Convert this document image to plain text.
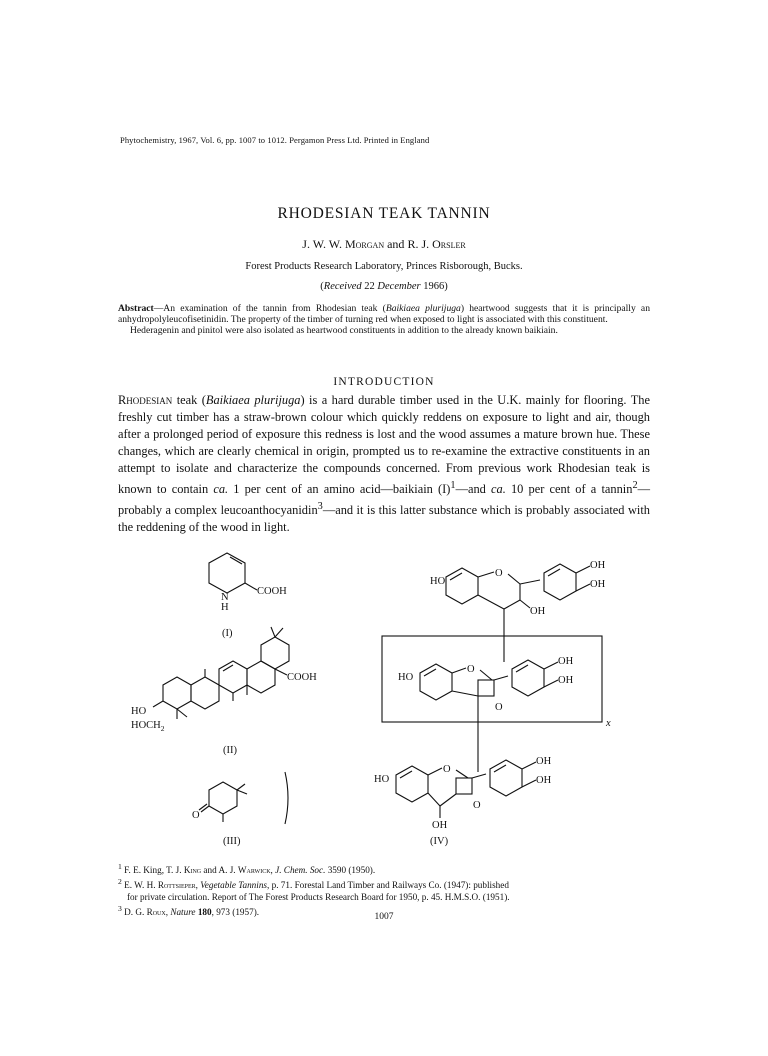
Phytochemistry, 1967, Vol. 6, pp. 1007 to 1012. Pergamon Press Ltd. Printed in England
RHODESIAN TEAK TANNIN
J. W. W. Morgan and R. J. Orsler
Forest Products Research Laboratory, Princes Risborough, Bucks.
(Received 22 December 1966)

Abstract—An examination of the tannin from Rhodesian teak (Baikiaea plurijuga) heartwood suggests that it is principally an anhydropolyleucofisetinidin. The property of the timber of turning red when exposed to light is associated with this constituent.

Hederagenin and pinitol were also isolated as heartwood constituents in addition to the already known baikiain.

INTRODUCTION

Rhodesian teak (Baikiaea plurijuga) is a hard durable timber used in the U.K. mainly for flooring. The freshly cut timber has a straw-brown colour which quickly reddens on exposure to light and air, though after a prolonged period of exposure this redness is lost and the wood assumes a mature brown hue. These changes, which are clearly chemical in origin, prompted us to re-examine the extractive constituents in an attempt to isolate and characterize the compounds concerned. From previous work Rhodesian teak is known to contain ca. 1 per cent of an amino acid—baikiain $(I)^1—and$ ca. 10 per cent of a tannin$^2$—probably a complex leucoanthocyanidin$^3$—and it is this latter substance which is probably associated with the reddening of the wood in light.

N
H
COOH
(I)
COOH
HO
$HOCH_2$
(II)
O
(III)
HO
O
OH
OH
OH
HO
O
O
OH
OH
x
HO
O
O
OH
OH
OH
(IV)
$^1$ F. E. King, T. J. King and A. J. Warwick, J. Chem. Soc. 3590 (1950).
$^2$ E. W. H. Rottsieper, Vegetable Tannins, p. 71. Forestal Land Timber and Railways Co. (1947): published
for private circulation. Report of The Forest Products Research Board for 1950, p. 45. H.M.S.O. (1951).
$^3$ D. G. Roux, Nature 180, 973 (1957).
1007
